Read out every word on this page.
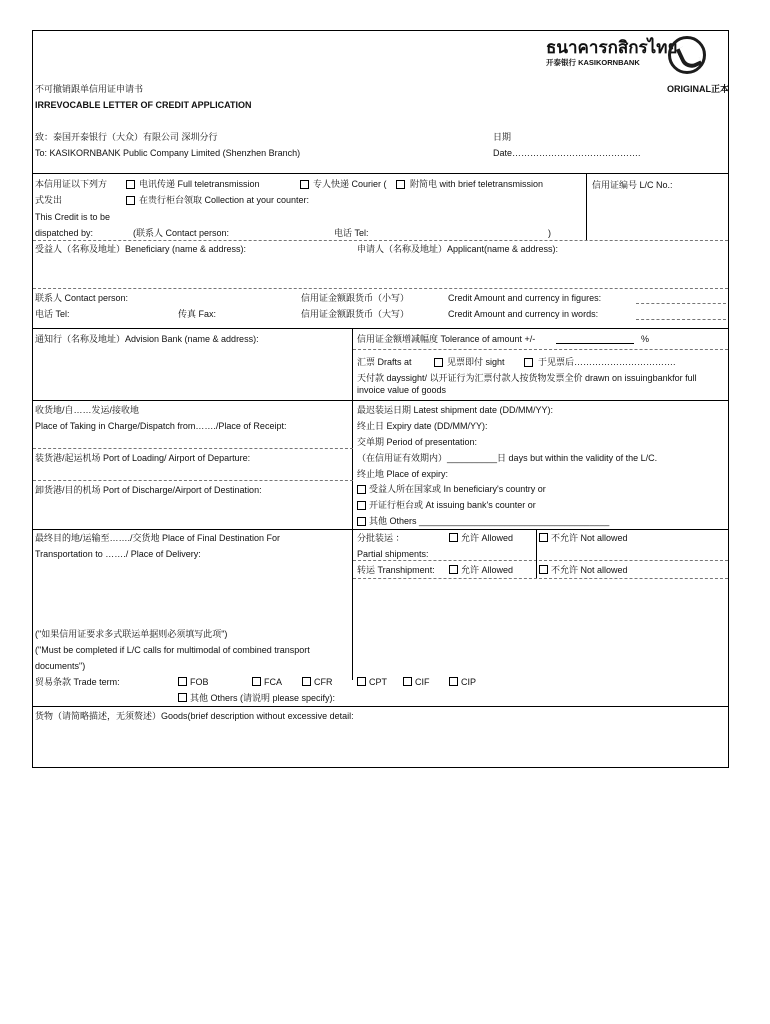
ธนาคารกสิกรไทย
开泰银行 KASIKORNBANK
不可撤销跟单信用证申请书
IRREVOCABLE LETTER OF CREDIT APPLICATION
ORIGINAL正本
致：泰国开泰银行（大众）有限公司 深圳分行
To: KASIKORNBANK Public Company Limited (Shenzhen Branch)
日期
Date…………………………………….
本信用证以下列方
式发出
This Credit is to be
dispatched by:
电讯传递 Full teletransmission	专人快递 Courier (	附简电 with brief teletransmission
在贵行柜台领取 Collection at your counter:
(联系人 Contact person:	电话 Tel:	)
信用证编号 L/C No.:
受益人（名称及地址）Beneficiary (name & address):	申请人（名称及地址）Applicant(name & address):
联系人 Contact person:
电话 Tel:	传真 Fax:
信用证金额跟货币（小写）
信用证金额跟货币（大写）
Credit Amount and currency in figures:
Credit Amount and currency in words:
通知行（名称及地址）Advision Bank (name & address):	信用证金额增减幅度 Tolerance of amount +/-	%
汇票 Drafts at	见票即付 sight	于见票后…………………………….
天付款 dayssight/ 以开证行为汇票付款人按货物发票全价 drawn on issuingbankfor full
invoice value of goods
收货地/自……发运/接收地
Place of Taking in Charge/Dispatch from……./Place of Receipt:
装货港/起运机场 Port of Loading/ Airport of Departure:
卸货港/目的机场 Port of Discharge/Airport of Destination:
最迟装运日期 Latest shipment date (DD/MM/YY):
终止日 Expiry date (DD/MM/YY):
交单期 Period of presentation:
（在信用证有效期内）__________日 days but within the validity of the L/C.
终止地 Place of expiry:
受益人所在国家或 In beneficiary's country or
开证行柜台或 At issuing bank's counter or
其他 Others ______________________________________
最终目的地/运输至……./交货地 Place of Final Destination For
Transportation to ……./ Place of Delivery:
分批装运 ：	允许 Allowed	不允许 Not allowed
Partial shipments:
转运 Transhipment:	允许 Allowed	不允许 Not allowed
("如果信用证要求多式联运单据则必须填写此项")
("Must be completed if L/C calls for multimodal of combined transport
documents")
贸易条款 Trade term:	FOB	FCA	CFR	CPT	CIF	CIP
其他 Others (请说明 please specify):
货物（请简略描述，无须赘述）Goods(brief description without excessive detail:
